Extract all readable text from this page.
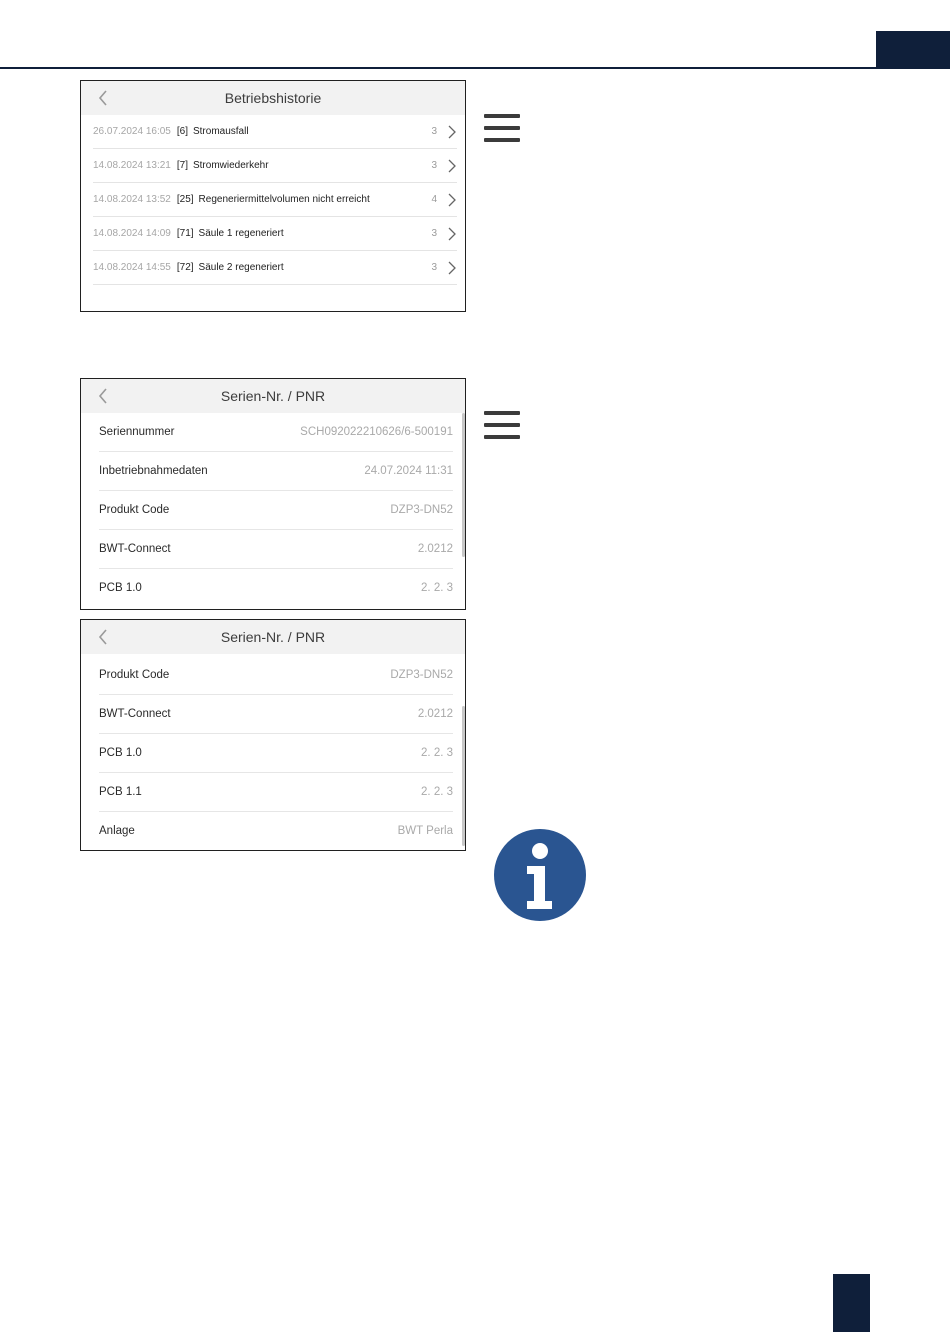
Betriebshistorie
26.07.2024 16:05 [6] Stromausfall	3
14.08.2024 13:21 [7] Stromwiederkehr	3
14.08.2024 13:52 [25] Regeneriermittelvolumen nicht erreicht	4
14.08.2024 14:09 [71] Säule 1 regeneriert	3
14.08.2024 14:55 [72] Säule 2 regeneriert	3
Serien-Nr. / PNR
Seriennummer	SCH092022210626/6-500191
Inbetriebnahmedaten	24.07.2024 11:31
Produkt Code	DZP3-DN52
BWT-Connect	2.0212
PCB 1.0	2. 2. 3
Serien-Nr. / PNR
Produkt Code	DZP3-DN52
BWT-Connect	2.0212
PCB 1.0	2. 2. 3
PCB 1.1	2. 2. 3
Anlage	BWT Perla
